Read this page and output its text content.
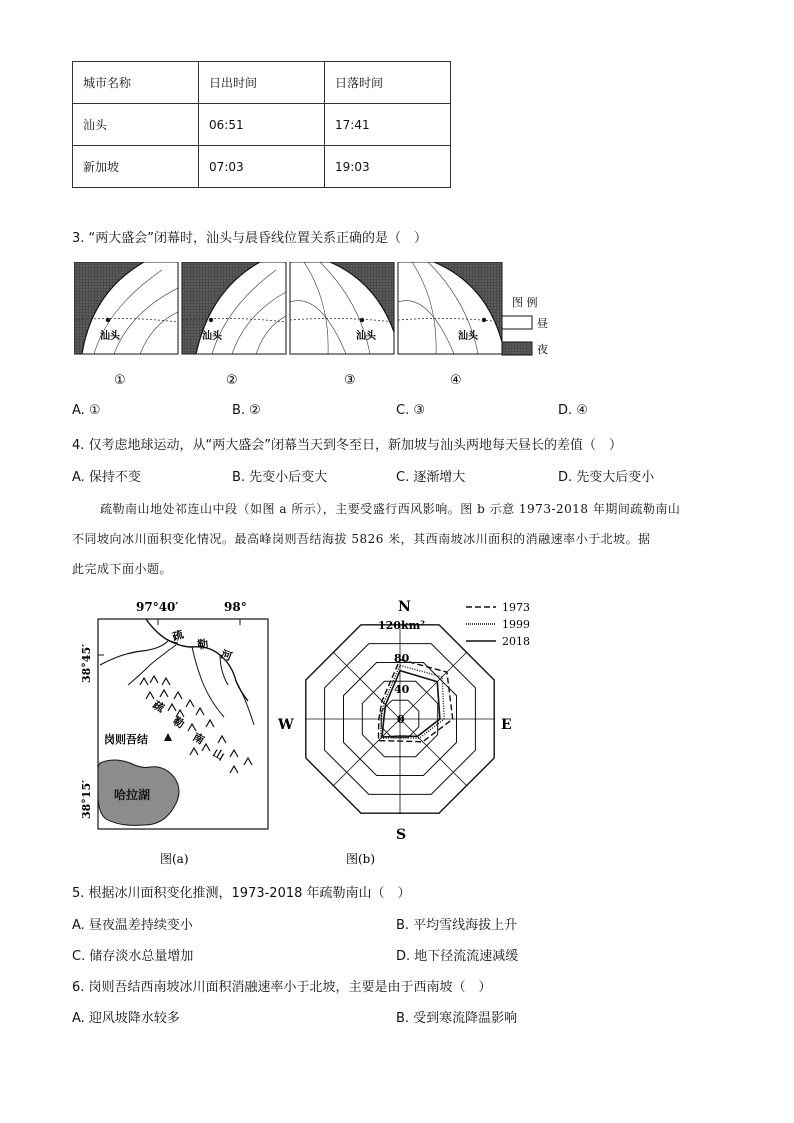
城市名称	日出时间	日落时间
汕头	06:51	17:41
新加坡	07:03	19:03
3. “两大盛会”闭幕时，汕头与晨昏线位置关系正确的是（　）
汕头	汕头	汕头	汕头
图 例
昼
夜
①	②	③	④
A. ①	B. ②	C. ③	D. ④
4. 仅考虑地球运动，从“两大盛会”闭幕当天到冬至日，新加坡与汕头两地每天昼长的差值（　）
A. 保持不变	B. 先变小后变大	C. 逐渐增大	D. 先变大后变小
疏勒南山地处祁连山中段（如图 a 所示），主要受盛行西风影响。图 b 示意 1973-2018 年期间疏勒南山
不同坡向冰川面积变化情况。最高峰岗则吾结海拔 5826 米，其西南坡冰川面积的消融速率小于北坡。据
此完成下面小题。
97°40′	98°
38°45′
38°15′
疏
勒
河
疏
勒
南
山
岗则吾结
哈拉湖
图(a)
N
S
E
W
120km²
80
40
0
1973
1999
2018
图(b)
5. 根据冰川面积变化推测，1973-2018 年疏勒南山（　）
A. 昼夜温差持续变小	B. 平均雪线海拔上升
C. 储存淡水总量增加	D. 地下径流流速减缓
6. 岗则吾结西南坡冰川面积消融速率小于北坡，主要是由于西南坡（　）
A. 迎风坡降水较多	B. 受到寒流降温影响
